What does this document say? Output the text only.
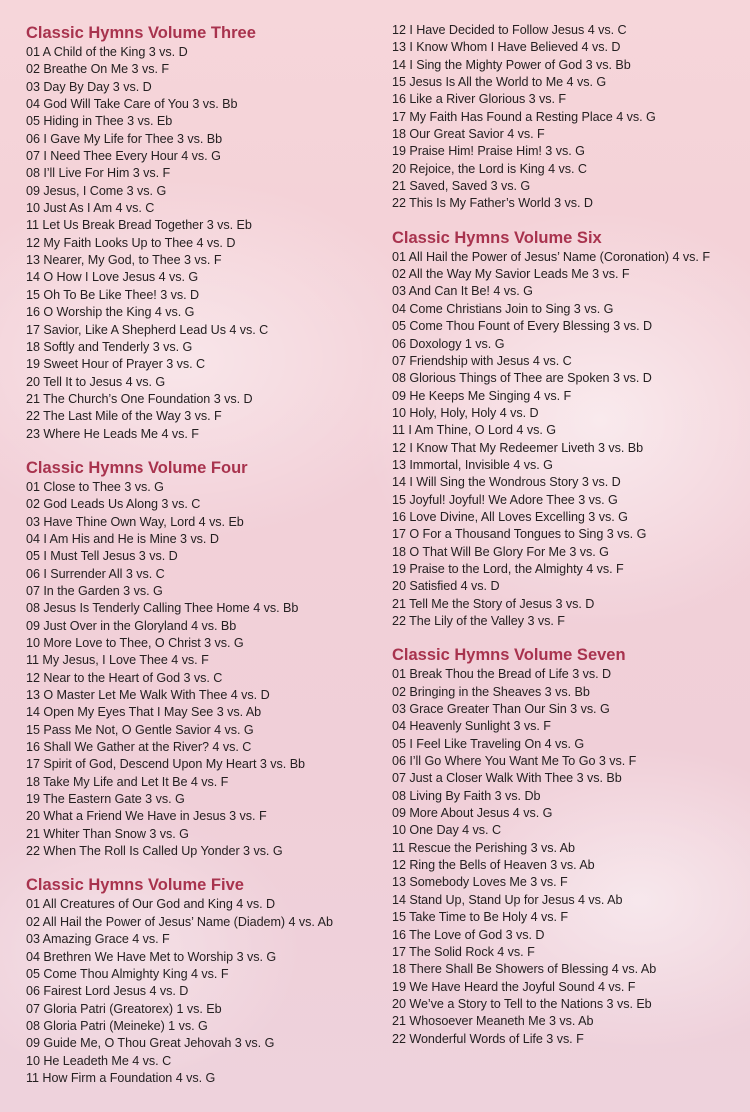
Classic Hymns Volume Three
01 A Child of the King 3 vs. D
02 Breathe On Me 3 vs. F
03 Day By Day 3 vs. D
04 God Will Take Care of You 3 vs. Bb
05 Hiding in Thee 3 vs. Eb
06 I Gave My Life for Thee 3 vs. Bb
07 I Need Thee Every Hour 4 vs. G
08 I’ll Live For Him 3 vs. F
09 Jesus, I Come 3 vs. G
10 Just As I Am 4 vs. C
11 Let Us Break Bread Together 3 vs. Eb
12 My Faith Looks Up to Thee 4 vs. D
13 Nearer, My God, to Thee 3 vs. F
14 O How I Love Jesus 4 vs. G
15 Oh To Be Like Thee! 3 vs. D
16 O Worship the King 4 vs. G
17 Savior, Like A Shepherd Lead Us 4 vs. C
18 Softly and Tenderly 3 vs. G
19 Sweet Hour of Prayer 3 vs. C
20 Tell It to Jesus 4 vs. G
21 The Church’s One Foundation 3 vs. D
22 The Last Mile of the Way 3 vs. F
23 Where He Leads Me 4 vs. F
Classic Hymns Volume Four
01 Close to Thee 3 vs. G
02 God Leads Us Along 3 vs. C
03 Have Thine Own Way, Lord 4 vs. Eb
04 I Am His and He is Mine 3 vs. D
05 I Must Tell Jesus 3 vs. D
06 I Surrender All 3 vs. C
07 In the Garden 3 vs. G
08 Jesus Is Tenderly Calling Thee Home 4 vs. Bb
09 Just Over in the Gloryland 4 vs. Bb
10 More Love to Thee, O Christ 3 vs. G
11 My Jesus, I Love Thee 4 vs. F
12 Near to the Heart of God 3 vs. C
13 O Master Let Me Walk With Thee 4 vs. D
14 Open My Eyes That I May See 3 vs. Ab
15 Pass Me Not, O Gentle Savior 4 vs. G
16 Shall We Gather at the River? 4 vs. C
17 Spirit of God, Descend Upon My Heart 3 vs. Bb
18 Take My Life and Let It Be 4 vs. F
19 The Eastern Gate 3 vs. G
20 What a Friend We Have in Jesus 3 vs. F
21 Whiter Than Snow 3 vs. G
22 When The Roll Is Called Up Yonder 3 vs. G
Classic Hymns Volume Five
01 All Creatures of Our God and King 4 vs. D
02 All Hail the Power of Jesus’ Name (Diadem) 4 vs. Ab
03 Amazing Grace 4 vs. F
04 Brethren We Have Met to Worship 3 vs. G
05 Come Thou Almighty King 4 vs. F
06 Fairest Lord Jesus 4 vs. D
07 Gloria Patri (Greatorex) 1 vs. Eb
08 Gloria Patri (Meineke) 1 vs. G
09 Guide Me, O Thou Great Jehovah 3 vs. G
10 He Leadeth Me 4 vs. C
11 How Firm a Foundation 4 vs. G
12 I Have Decided to Follow Jesus 4 vs. C
13 I Know Whom I Have Believed 4 vs. D
14 I Sing the Mighty Power of God 3 vs. Bb
15 Jesus Is All the World to Me 4 vs. G
16 Like a River Glorious 3 vs. F
17 My Faith Has Found a Resting Place 4 vs. G
18 Our Great Savior 4 vs. F
19 Praise Him! Praise Him! 3 vs. G
20 Rejoice, the Lord is King 4 vs. C
21 Saved, Saved 3 vs. G
22 This Is My Father’s World 3 vs. D
Classic Hymns Volume Six
01 All Hail the Power of Jesus’ Name (Coronation) 4 vs. F
02 All the Way My Savior Leads Me 3 vs. F
03 And Can It Be! 4 vs. G
04 Come Christians Join to Sing 3 vs. G
05 Come Thou Fount of Every Blessing 3 vs. D
06 Doxology 1 vs. G
07 Friendship with Jesus 4 vs. C
08 Glorious Things of Thee are Spoken 3 vs. D
09 He Keeps Me Singing 4 vs. F
10 Holy, Holy, Holy 4 vs. D
11 I Am Thine, O Lord 4 vs. G
12 I Know That My Redeemer Liveth 3 vs. Bb
13 Immortal, Invisible 4 vs. G
14 I Will Sing the Wondrous Story 3 vs. D
15 Joyful! Joyful! We Adore Thee 3 vs. G
16 Love Divine, All Loves Excelling 3 vs. G
17 O For a Thousand Tongues to Sing 3 vs. G
18 O That Will Be Glory For Me 3 vs. G
19 Praise to the Lord, the Almighty 4 vs. F
20 Satisfied 4 vs. D
21 Tell Me the Story of Jesus 3 vs. D
22 The Lily of the Valley 3 vs. F
Classic Hymns Volume Seven
01 Break Thou the Bread of Life 3 vs. D
02 Bringing in the Sheaves 3 vs. Bb
03 Grace Greater Than Our Sin 3 vs. G
04 Heavenly Sunlight 3 vs. F
05 I Feel Like Traveling On 4 vs. G
06 I’ll Go Where You Want Me To Go 3 vs. F
07 Just a Closer Walk With Thee 3 vs. Bb
08 Living By Faith 3 vs. Db
09 More About Jesus 4 vs. G
10 One Day 4 vs. C
11 Rescue the Perishing 3 vs. Ab
12 Ring the Bells of Heaven 3 vs. Ab
13 Somebody Loves Me 3 vs. F
14 Stand Up, Stand Up for Jesus 4 vs. Ab
15 Take Time to Be Holy 4 vs. F
16 The Love of God 3 vs. D
17 The Solid Rock 4 vs. F
18 There Shall Be Showers of Blessing 4 vs. Ab
19 We Have Heard the Joyful Sound 4 vs. F
20 We’ve a Story to Tell to the Nations 3 vs. Eb
21 Whosoever Meaneth Me 3 vs. Ab
22 Wonderful Words of Life 3 vs. F
